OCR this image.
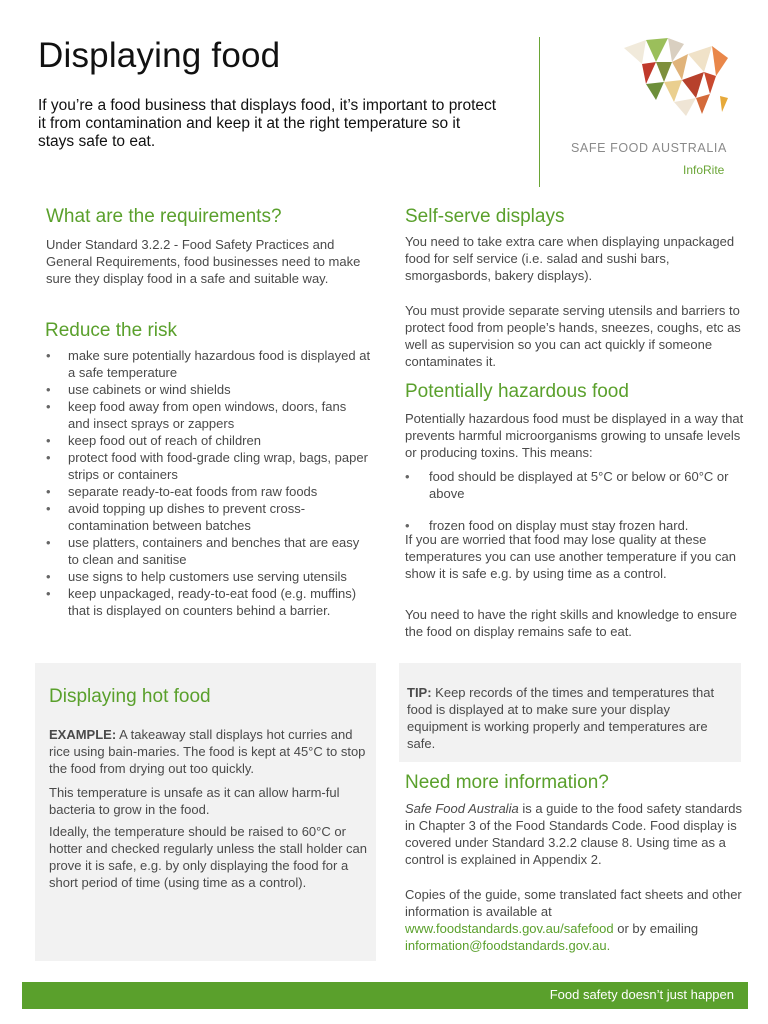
Displaying food

If you’re a food business that displays food, it’s important to protect it from contamination and keep it at the right temperature so it stays safe to eat.	SAFE FOOD AUSTRALIA
InfoRite
What are the requirements?

Under Standard 3.2.2 - Food Safety Practices and General Requirements, food businesses need to make sure they display food in a safe and suitable way.

Reduce the risk
• make sure potentially hazardous food is displayed at a safe temperature
• use cabinets or wind shields
• keep food away from open windows, doors, fans and insect sprays or zappers
• keep food out of reach of children
• protect food with food-grade cling wrap, bags, paper strips or containers
• separate ready-to-eat foods from raw foods
• avoid topping up dishes to prevent cross-contamination between batches
• use platters, containers and benches that are easy to clean and sanitise
• use signs to help customers use serving utensils
• keep unpackaged, ready-to-eat food (e.g. muffins) that is displayed on counters behind a barrier.
Self-serve displays

You need to take extra care when displaying unpackaged food for self service (i.e. salad and sushi bars, smorgasbords, bakery displays).

You must provide separate serving utensils and barriers to protect food from people’s hands, sneezes, coughs, etc as well as supervision so you can act quickly if someone contaminates it.

Potentially hazardous food

Potentially hazardous food must be displayed in a way that prevents harmful microorganisms growing to unsafe levels or producing toxins. This means:

• food should be displayed at 5°C or below or 60°C or above
• frozen food on display must stay frozen hard.

If you are worried that food may lose quality at these temperatures you can use another temperature if you can show it is safe e.g. by using time as a control.

You need to have the right skills and knowledge to ensure the food on display remains safe to eat.

Displaying hot food

EXAMPLE: A takeaway stall displays hot curries and rice using bain-maries. The food is kept at 45°C to stop the food from drying out too quickly.

This temperature is unsafe as it can allow harm-ful bacteria to grow in the food.

Ideally, the temperature should be raised to 60°C or hotter and checked regularly unless the stall holder can prove it is safe, e.g. by only displaying the food for a short period of time (using time as a control).

TIP: Keep records of the times and temperatures that food is displayed at to make sure your display equipment is working properly and temperatures are safe.

Need more information?

Safe Food Australia is a guide to the food safety standards in Chapter 3 of the Food Standards Code. Food display is covered under Standard 3.2.2 clause 8. Using time as a control is explained in Appendix 2.

Copies of the guide, some translated fact sheets and other information is available at www.foodstandards.gov.au/safefood or by emailing information@foodstandards.gov.au.

Food safety doesn’t just happen
